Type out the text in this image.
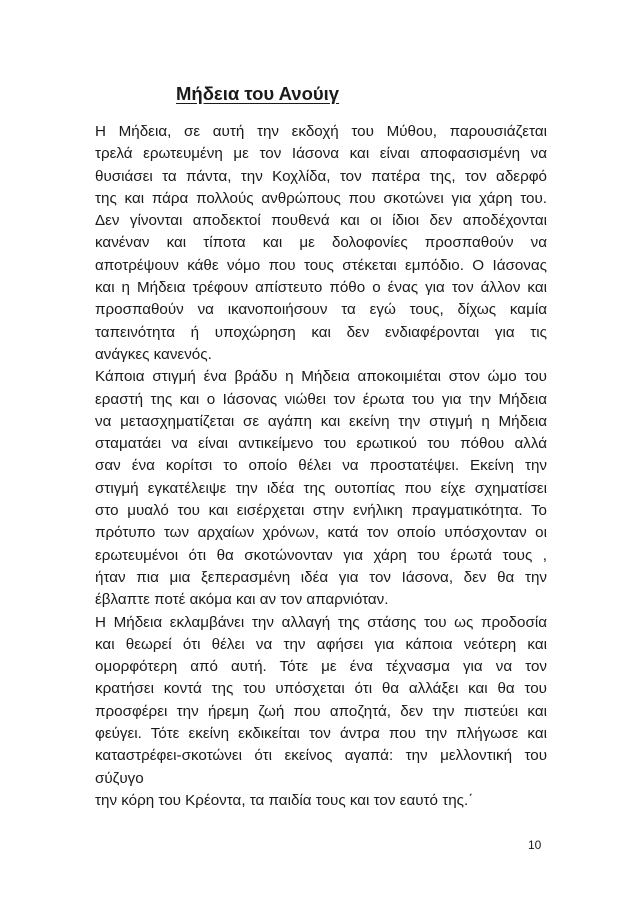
Μήδεια του Ανούιγ
Η Μήδεια, σε αυτή την εκδοχή του Μύθου, παρουσιάζεται
τρελά ερωτευμένη με τον Ιάσονα και είναι αποφασισμένη να
θυσιάσει τα πάντα, την Κοχλίδα, τον πατέρα της, τον αδερφό
της και πάρα πολλούς ανθρώπους που σκοτώνει για χάρη του.
Δεν γίνονται αποδεκτοί πουθενά και οι ίδιοι δεν αποδέχονται
κανέναν και τίποτα και με δολοφονίες προσπαθούν να
αποτρέψουν κάθε νόμο που τους στέκεται εμπόδιο. Ο Ιάσονας
και η Μήδεια τρέφουν απίστευτο πόθο ο ένας για τον άλλον και
προσπαθούν να ικανοποιήσουν τα εγώ τους, δίχως καμία
ταπεινότητα ή υποχώρηση και δεν ενδιαφέρονται για τις
ανάγκες κανενός.
Κάποια στιγμή ένα βράδυ η Μήδεια αποκοιμιέται στον ώμο του
εραστή της και ο Ιάσονας νιώθει τον έρωτα του για την Μήδεια
να μετασχηματίζεται σε αγάπη και εκείνη την στιγμή η Μήδεια
σταματάει να είναι αντικείμενο του ερωτικού του πόθου αλλά
σαν ένα κορίτσι το οποίο θέλει να προστατέψει. Εκείνη την
στιγμή εγκατέλειψε την ιδέα της ουτοπίας που είχε σχηματίσει
στο μυαλό του και εισέρχεται στην ενήλικη πραγματικότητα. Το
πρότυπο των αρχαίων χρόνων, κατά τον οποίο υπόσχονταν οι
ερωτευμένοι ότι θα σκοτώνονταν για χάρη του έρωτά τους ,
ήταν πια μια ξεπερασμένη ιδέα για τον Ιάσονα, δεν θα την
έβλαπτε ποτέ ακόμα και αν τον απαρνιόταν.
Η Μήδεια εκλαμβάνει την αλλαγή της στάσης του ως προδοσία
και θεωρεί ότι θέλει να την αφήσει για κάποια νεότερη και
ομορφότερη από αυτή. Τότε με ένα τέχνασμα για να τον
κρατήσει κοντά της του υπόσχεται ότι θα αλλάξει και θα του
προσφέρει την ήρεμη ζωή που αποζητά, δεν την πιστεύει και
φεύγει. Τότε εκείνη εκδικείται τον άντρα που την πλήγωσε και
καταστρέφει-σκοτώνει ότι εκείνος αγαπά: την μελλοντική του
σύζυγο
την κόρη του Κρέοντα, τα παιδία τους και τον εαυτό της.΄
10
